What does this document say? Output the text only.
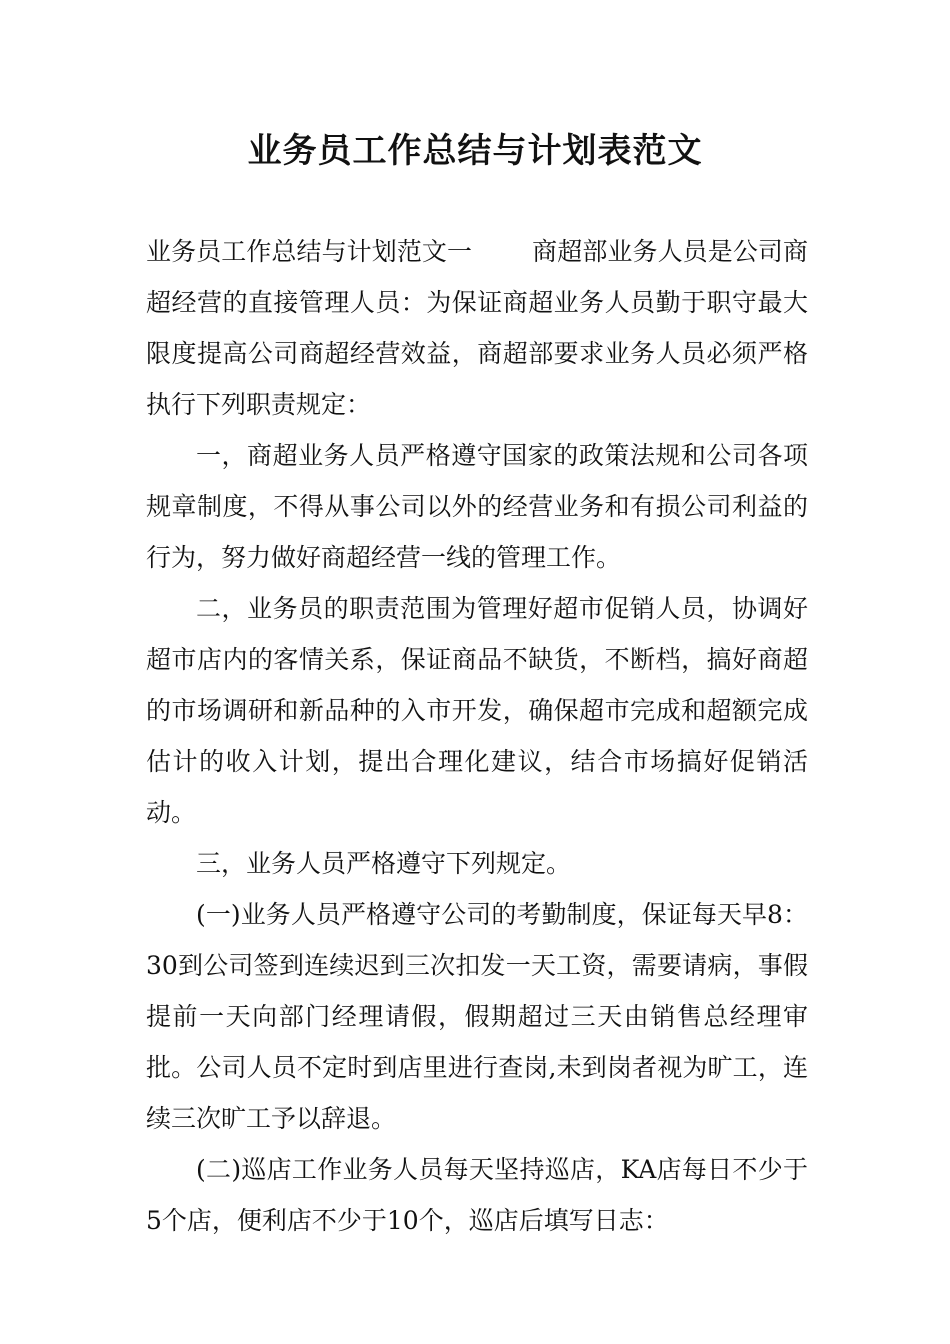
业务员工作总结与计划表范文

业务员工作总结与计划范文一 商超部业务人员是公司商超经营的直接管理人员：为保证商超业务人员勤于职守最大限度提高公司商超经营效益，商超部要求业务人员必须严格执行下列职责规定：

一，商超业务人员严格遵守国家的政策法规和公司各项规章制度，不得从事公司以外的经营业务和有损公司利益的行为，努力做好商超经营一线的管理工作。

二，业务员的职责范围为管理好超市促销人员，协调好超市店内的客情关系，保证商品不缺货，不断档，搞好商超的市场调研和新品种的入市开发，确保超市完成和超额完成估计的收入计划，提出合理化建议，结合市场搞好促销活动。

三，业务人员严格遵守下列规定。

(一)业务人员严格遵守公司的考勤制度，保证每天早8：30到公司签到连续迟到三次扣发一天工资，需要请病，事假提前一天向部门经理请假，假期超过三天由销售总经理审批。公司人员不定时到店里进行查岗,未到岗者视为旷工，连续三次旷工予以辞退。

(二)巡店工作业务人员每天坚持巡店，KA店每日不少于5个店，便利店不少于10个，巡店后填写日志：
